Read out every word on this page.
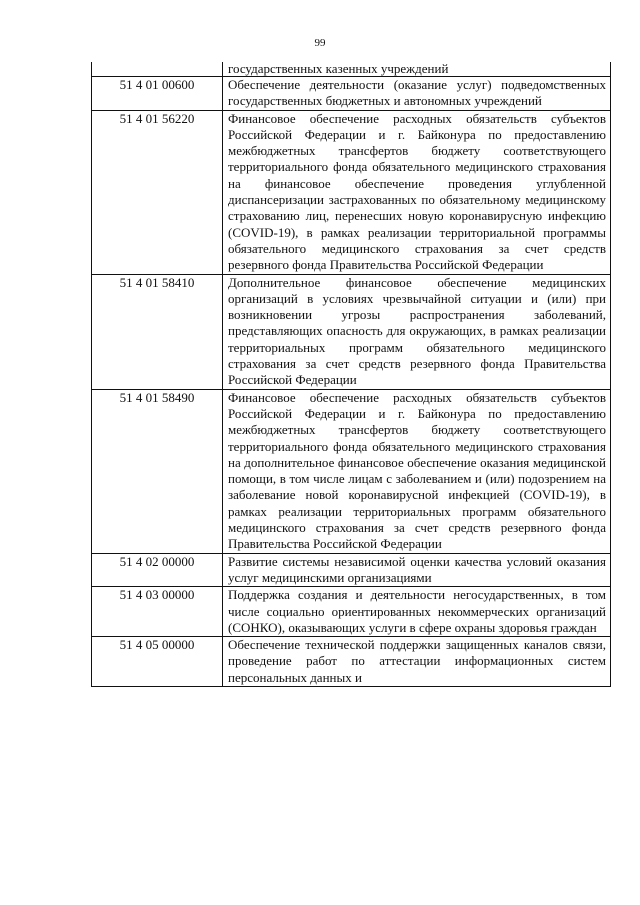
99
	государственных казенных учреждений
51 4 01 00600	Обеспечение деятельности (оказание услуг) подведомственных государственных бюджетных и автономных учреждений
51 4 01 56220	Финансовое обеспечение расходных обязательств субъектов Российской Федерации и г. Байконура по предоставлению межбюджетных трансфертов бюджету соответствующего территориального фонда обязательного медицинского страхования на финансовое обеспечение проведения углубленной диспансеризации застрахованных по обязательному медицинскому страхованию лиц, перенесших новую коронавирусную инфекцию (COVID-19), в рамках реализации территориальной программы обязательного медицинского страхования за счет средств резервного фонда Правительства Российской Федерации
51 4 01 58410	Дополнительное финансовое обеспечение медицинских организаций в условиях чрезвычайной ситуации и (или) при возникновении угрозы распространения заболеваний, представляющих опасность для окружающих, в рамках реализации территориальных программ обязательного медицинского страхования за счет средств резервного фонда Правительства Российской Федерации
51 4 01 58490	Финансовое обеспечение расходных обязательств субъектов Российской Федерации и г. Байконура по предоставлению межбюджетных трансфертов бюджету соответствующего территориального фонда обязательного медицинского страхования на дополнительное финансовое обеспечение оказания медицинской помощи, в том числе лицам с заболеванием и (или) подозрением на заболевание новой коронавирусной инфекцией (COVID-19), в рамках реализации территориальных программ обязательного медицинского страхования за счет средств резервного фонда Правительства Российской Федерации
51 4 02 00000	Развитие системы независимой оценки качества условий оказания услуг медицинскими организациями
51 4 03 00000	Поддержка создания и деятельности негосударственных, в том числе социально ориентированных некоммерческих организаций (СОНКО), оказывающих услуги в сфере охраны здоровья граждан
51 4 05 00000	Обеспечение технической поддержки защищенных каналов связи, проведение работ по аттестации информационных систем персональных данных и
